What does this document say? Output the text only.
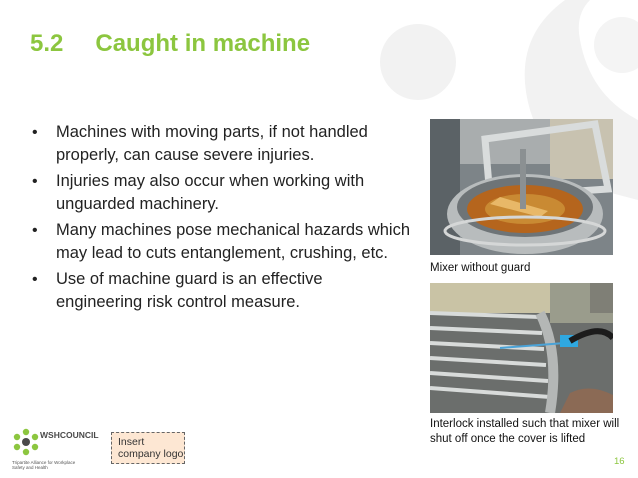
5.2 Caught in machine
• Machines with moving parts, if not handled properly, can cause severe injuries.
• Injuries may also occur when working with unguarded machinery.
• Many machines pose mechanical hazards which may lead to cuts entanglement, crushing, etc.
• Use of machine guard is an effective engineering risk control measure.
Mixer without guard
Interlock installed such that mixer will shut off once the cover is lifted
WSHCOUNCIL
Tripartite Alliance for Workplace Safety and Health
Insert
company logo
16
